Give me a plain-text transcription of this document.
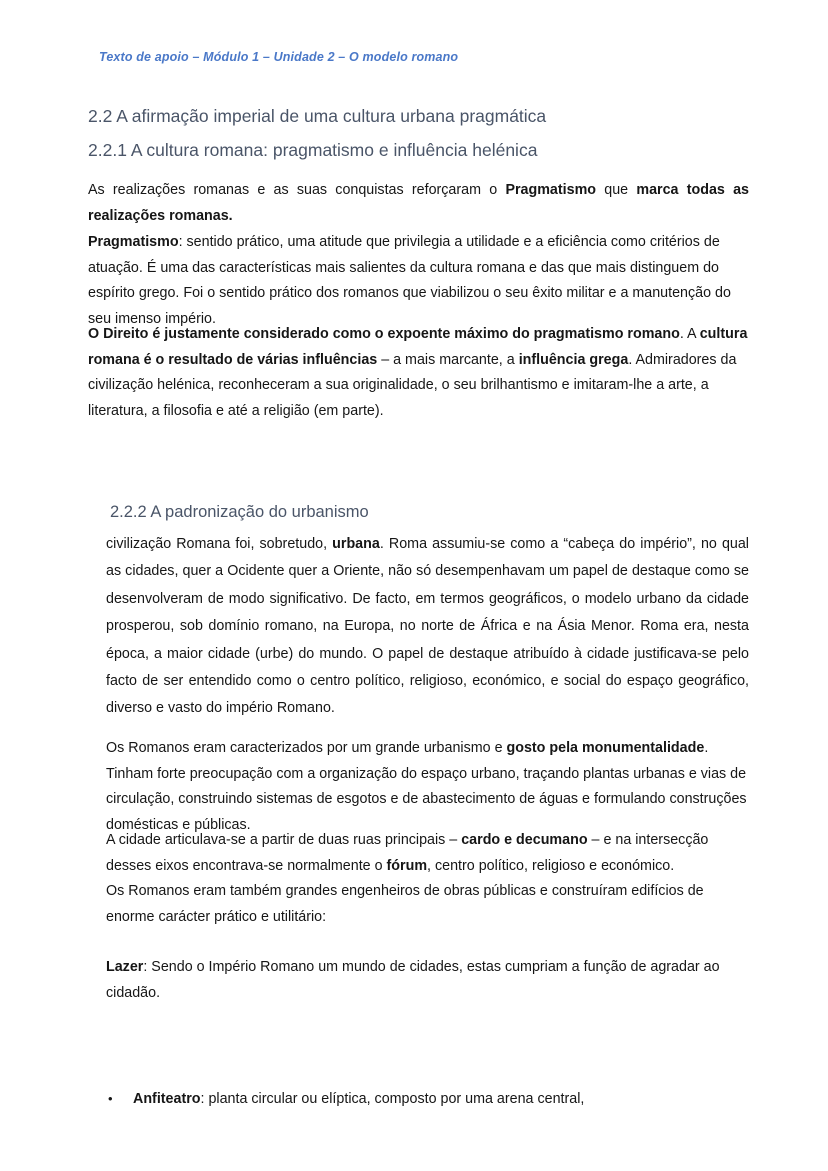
Texto de apoio – Módulo 1 – Unidade 2 – O modelo romano
2.2 A afirmação imperial de uma cultura urbana pragmática
2.2.1 A cultura romana: pragmatismo e influência helénica
As realizações romanas e as suas conquistas reforçaram o Pragmatismo que marca todas as realizações romanas.
Pragmatismo: sentido prático, uma atitude que privilegia a utilidade e a eficiência como critérios de atuação. É uma das características mais salientes da cultura romana e das que mais distinguem do espírito grego. Foi o sentido prático dos romanos que viabilizou o seu êxito militar e a manutenção do seu imenso império.
O Direito é justamente considerado como o expoente máximo do pragmatismo romano. A cultura romana é o resultado de várias influências – a mais marcante, a influência grega. Admiradores da civilização helénica, reconheceram a sua originalidade, o seu brilhantismo e imitaram-lhe a arte, a literatura, a filosofia e até a religião (em parte).
2.2.2 A padronização do urbanismo
civilização Romana foi, sobretudo, urbana. Roma assumiu-se como a “cabeça do império”, no qual as cidades, quer a Ocidente quer a Oriente, não só desempenhavam um papel de destaque como se desenvolveram de modo significativo. De facto, em termos geográficos, o modelo urbano da cidade prosperou, sob domínio romano, na Europa, no norte de África e na Ásia Menor. Roma era, nesta época, a maior cidade (urbe) do mundo. O papel de destaque atribuído à cidade justificava-se pelo facto de ser entendido como o centro político, religioso, económico, e social do espaço geográfico, diverso e vasto do império Romano.
Os Romanos eram caracterizados por um grande urbanismo e gosto pela monumentalidade. Tinham forte preocupação com a organização do espaço urbano, traçando plantas urbanas e vias de circulação, construindo sistemas de esgotos e de abastecimento de águas e formulando construções domésticas e públicas.
A cidade articulava-se a partir de duas ruas principais – cardo e decumano – e na intersecção desses eixos encontrava-se normalmente o fórum, centro político, religioso e económico.
Os Romanos eram também grandes engenheiros de obras públicas e construíram edifícios de enorme carácter prático e utilitário:
Lazer: Sendo o Império Romano um mundo de cidades, estas cumpriam a função de agradar ao cidadão.
• Anfiteatro: planta circular ou elíptica, composto por uma arena central,
